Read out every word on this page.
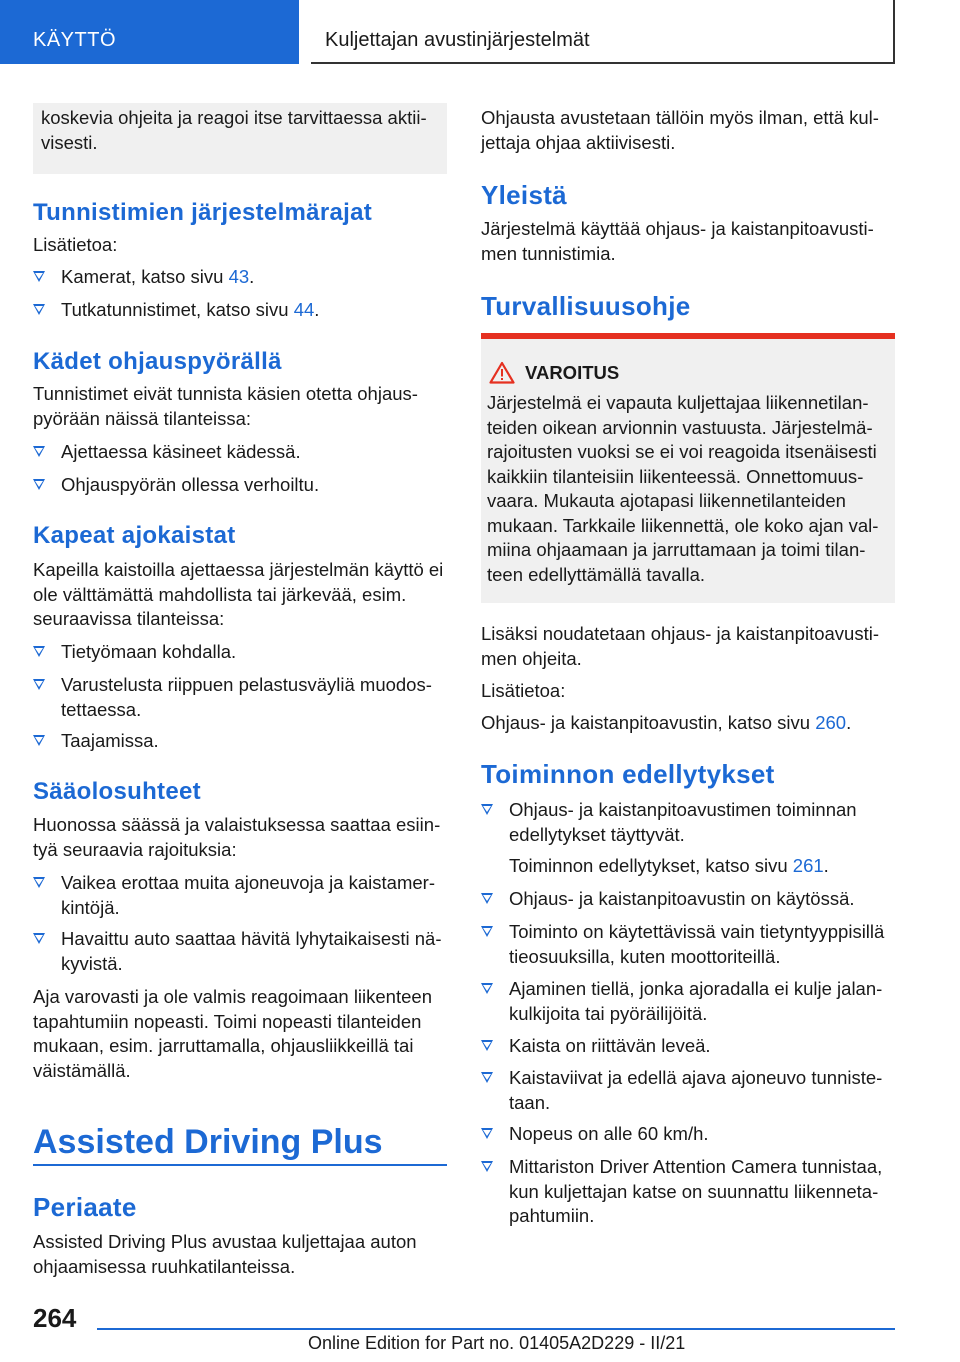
KÄYTTÖ	Kuljettajan avustinjärjestelmät

koskevia ohjeita ja reagoi itse tarvittaessa aktiivisesti.

Tunnistimien järjestelmärajat

Lisätietoa:

Kamerat, katso sivu 43.
Tutkatunnistimet, katso sivu 44.
Kädet ohjauspyörällä

Tunnistimet eivät tunnista käsien otetta ohjauspyörään näissä tilanteissa:

Ajettaessa käsineet kädessä.
Ohjauspyörän ollessa verhoiltu.
Kapeat ajokaistat

Kapeilla kaistoilla ajettaessa järjestelmän käyttö ei ole välttämättä mahdollista tai järkevää, esim. seuraavissa tilanteissa:

Tietyömaan kohdalla.
Varustelusta riippuen pelastusväyliä muodostettaessa.
Taajamissa.
Sääolosuhteet

Huonossa säässä ja valaistuksessa saattaa esiintyä seuraavia rajoituksia:

Vaikea erottaa muita ajoneuvoja ja kaistamerkintöjä.
Havaittu auto saattaa hävitä lyhytaikaisesti näkyvistä.

Aja varovasti ja ole valmis reagoimaan liikenteen tapahtumiin nopeasti. Toimi nopeasti tilanteiden mukaan, esim. jarruttamalla, ohjausliikkeillä tai väistämällä.

Assisted Driving Plus
Periaate

Assisted Driving Plus avustaa kuljettajaa auton ohjaamisessa ruuhkatilanteissa.

Ohjausta avustetaan tällöin myös ilman, että kuljettaja ohjaa aktiivisesti.

Yleistä

Järjestelmä käyttää ohjaus- ja kaistanpitoavustimen tunnistimia.

Turvallisuusohje
VAROITUS

Järjestelmä ei vapauta kuljettajaa liikennetilanteiden oikean arvionnin vastuusta. Järjestelmärajoitusten vuoksi se ei voi reagoida itsenäisesti kaikkiin tilanteisiin liikenteessä. Onnettomuusvaara. Mukauta ajotapasi liikennetilanteiden mukaan. Tarkkaile liikennettä, ole koko ajan valmiina ohjaamaan ja jarruttamaan ja toimi tilanteen edellyttämällä tavalla.

Lisäksi noudatetaan ohjaus- ja kaistanpitoavustimen ohjeita.

Lisätietoa:

Ohjaus- ja kaistanpitoavustin, katso sivu 260.

Toiminnon edellytykset
Ohjaus- ja kaistanpitoavustimen toiminnan edellytykset täyttyvät.

Toiminnon edellytykset, katso sivu 261.

Ohjaus- ja kaistanpitoavustin on käytössä.
Toiminto on käytettävissä vain tietyntyyppisillä tieosuuksilla, kuten moottoriteillä.
Ajaminen tiellä, jonka ajoradalla ei kulje jalankulkijoita tai pyöräilijöitä.
Kaista on riittävän leveä.
Kaistaviivat ja edellä ajava ajoneuvo tunnistetaan.
Nopeus on alle 60 km/h.
Mittariston Driver Attention Camera tunnistaa, kun kuljettajan katse on suunnattu liikennetapahtumiin.
264
Online Edition for Part no. 01405A2D229 - II/21
